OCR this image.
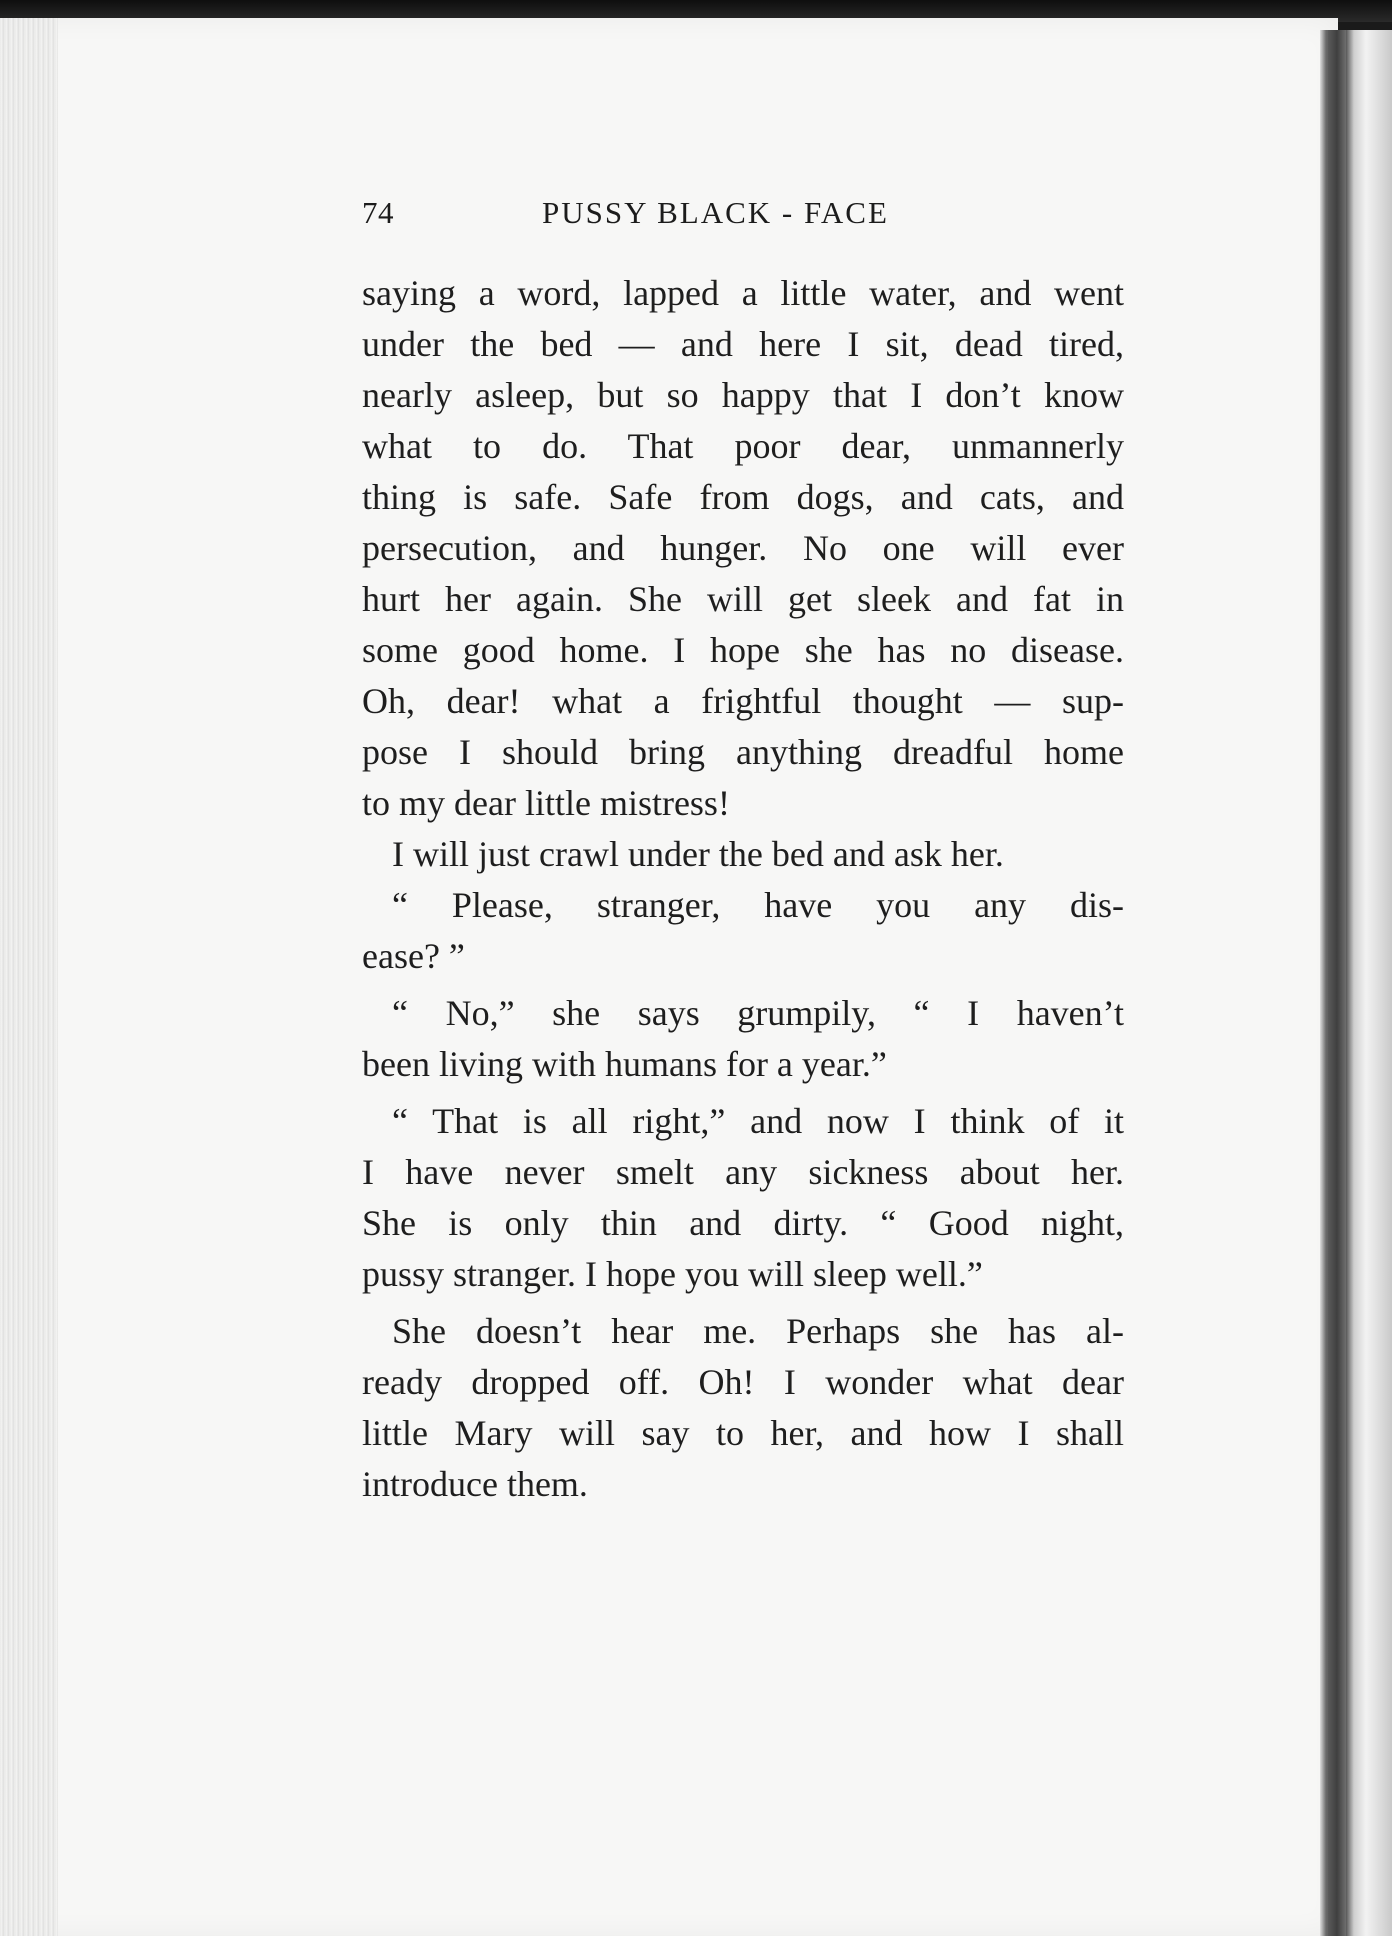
74	PUSSY BLACK - FACE
saying a word, lapped a little water, and went
under the bed — and here I sit, dead tired,
nearly asleep, but so happy that I don’t know
what to do. That poor dear, unmannerly
thing is safe. Safe from dogs, and cats, and
persecution, and hunger. No one will ever
hurt her again. She will get sleek and fat in
some good home. I hope she has no disease.
Oh, dear! what a frightful thought — sup-
pose I should bring anything dreadful home
to my dear little mistress!
I will just crawl under the bed and ask her.
“ Please, stranger, have you any dis-
ease? ”
“ No,” she says grumpily, “ I haven’t
been living with humans for a year.”
“ That is all right,” and now I think of it
I have never smelt any sickness about her.
She is only thin and dirty. “ Good night,
pussy stranger. I hope you will sleep well.”
She doesn’t hear me. Perhaps she has al-
ready dropped off. Oh! I wonder what dear
little Mary will say to her, and how I shall
introduce them.
